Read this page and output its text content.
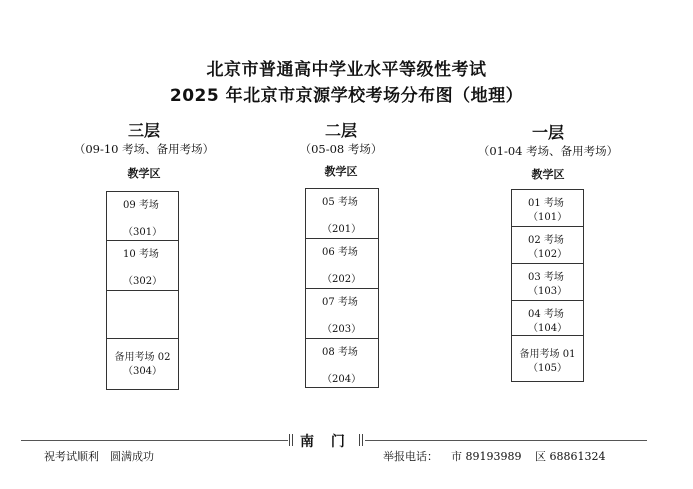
北京市普通高中学业水平等级性考试
2025 年北京市京源学校考场分布图（地理）
三层
（09-10 考场、备用考场）
教学区
09 考场
（301）
10 考场
（302）
备用考场 02
（304）
二层
（05-08 考场）
教学区
05 考场
（201）
06 考场
（202）
07 考场
（203）
08 考场
（204）
一层
（01-04 考场、备用考场）
教学区
01 考场
（101）
02 考场
（102）
03 考场
（103）
04 考场
（104）
备用考场 01
（105）
南 门
祝考试顺利　圆满成功	举报电话： 市 89193989 区 68861324
